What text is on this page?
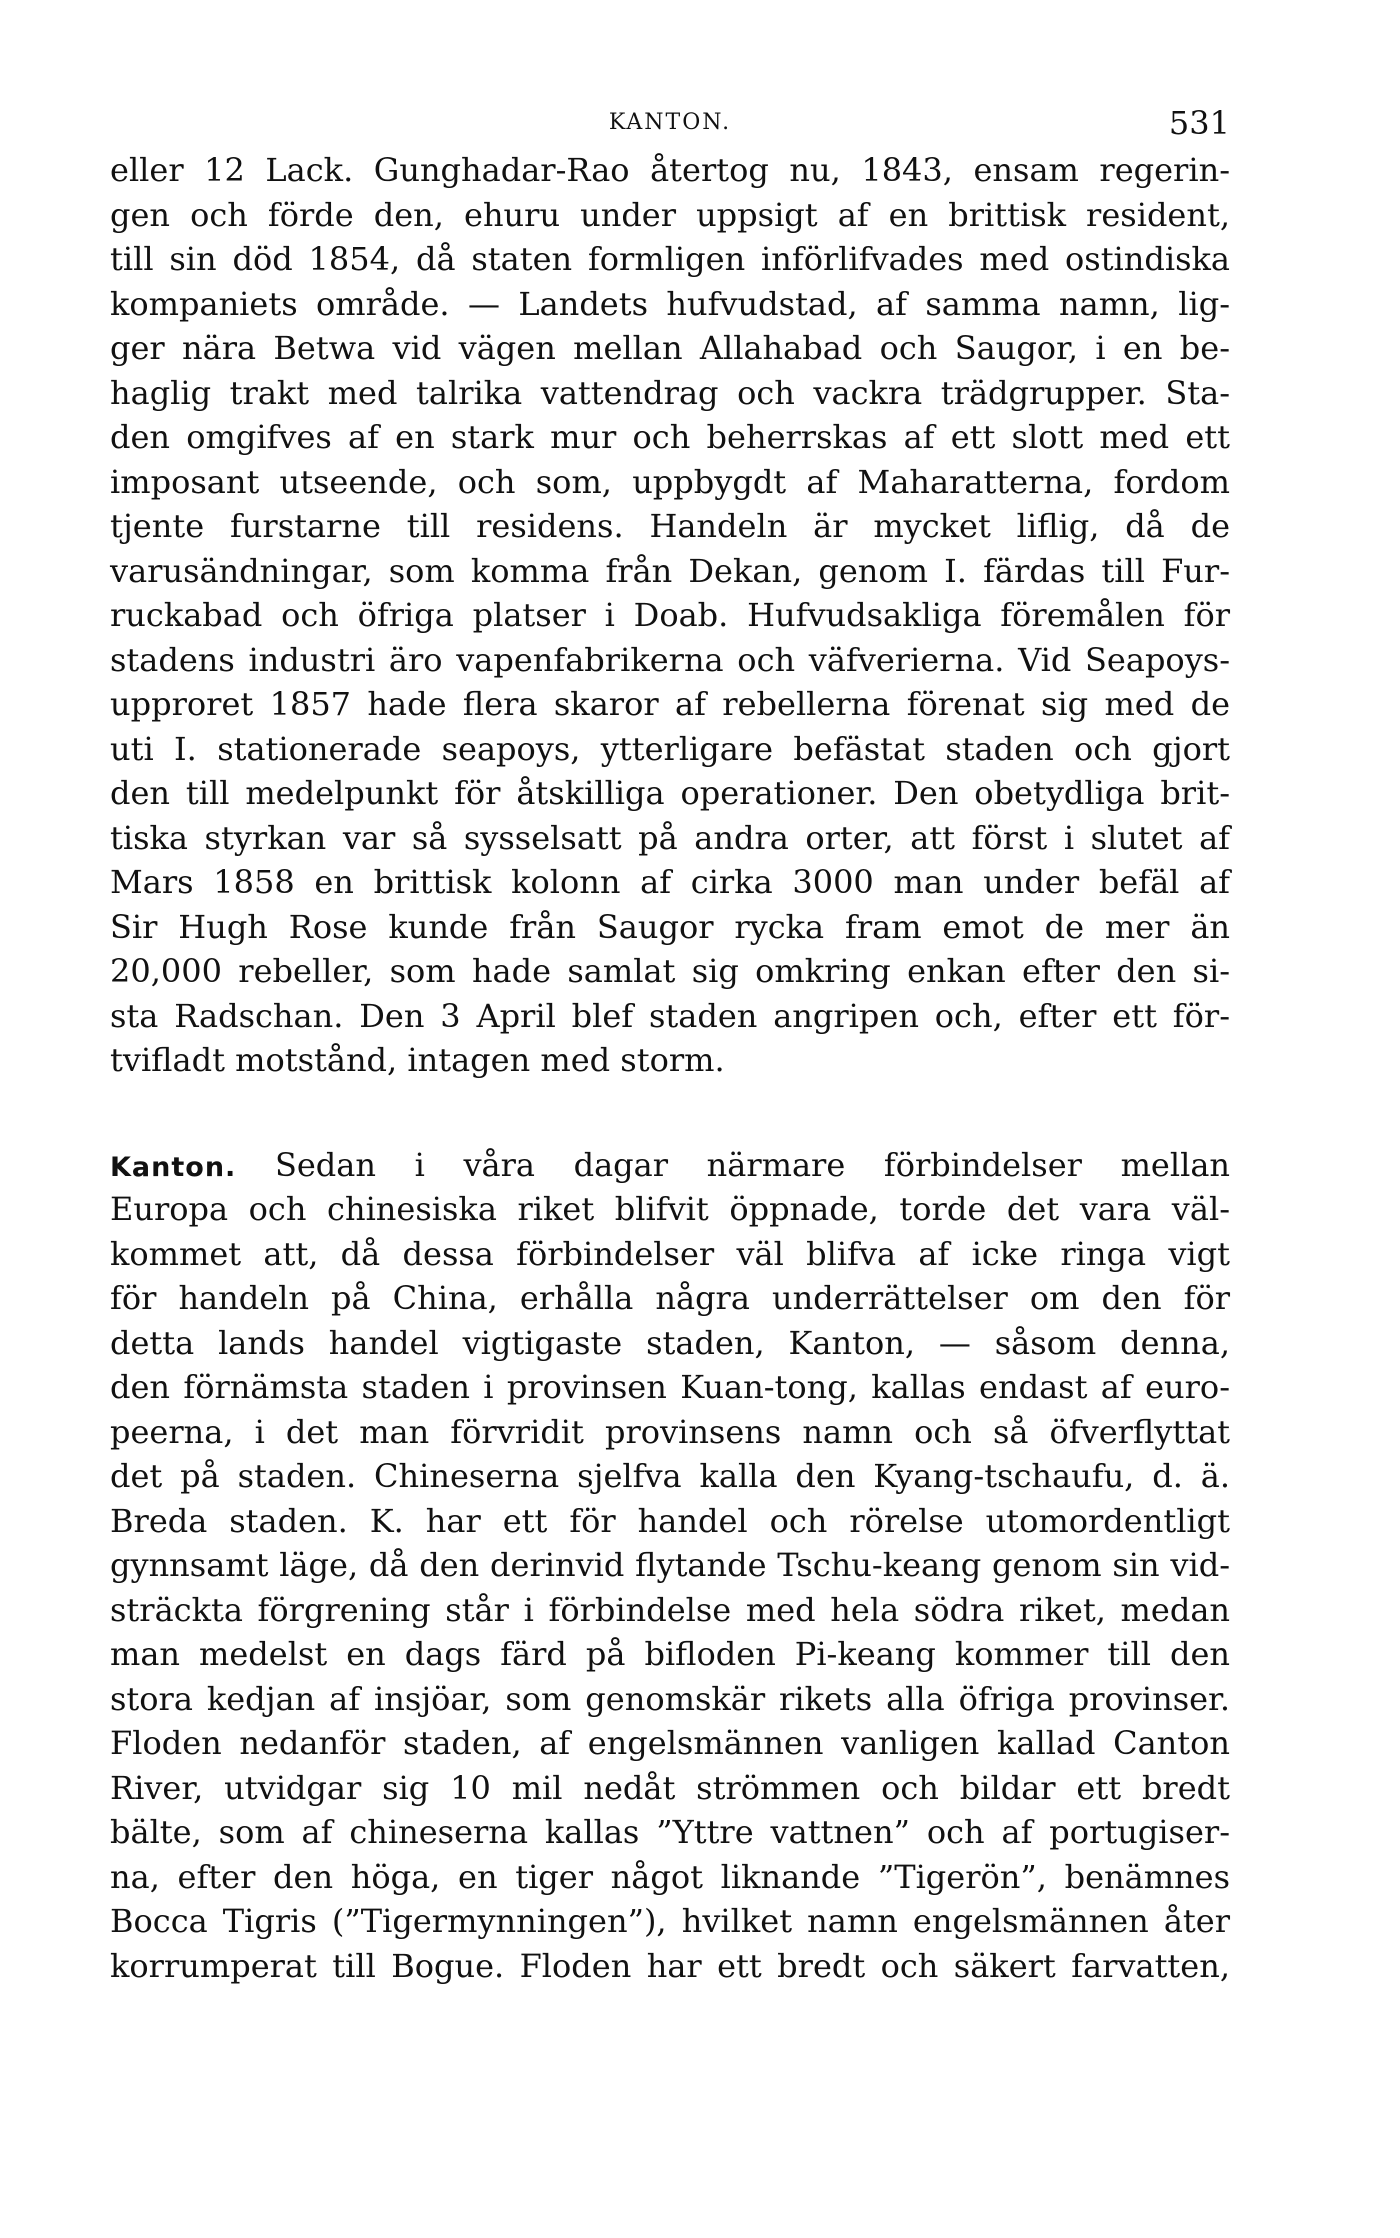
KANTON.	531
eller 12 Lack. Gunghadar-Rao återtog nu, 1843, ensam regerin-
gen och förde den, ehuru under uppsigt af en brittisk resident,
till sin död 1854, då staten formligen införlifvades med ostindiska
kompaniets område. — Landets hufvudstad, af samma namn, lig-
ger nära Betwa vid vägen mellan Allahabad och Saugor, i en be-
haglig trakt med talrika vattendrag och vackra trädgrupper. Sta-
den omgifves af en stark mur och beherrskas af ett slott med ett
imposant utseende, och som, uppbygdt af Maharatterna, fordom
tjente furstarne till residens. Handeln är mycket liflig, då de
varusändningar, som komma från Dekan, genom I. färdas till Fur-
ruckabad och öfriga platser i Doab. Hufvudsakliga föremålen för
stadens industri äro vapenfabrikerna och väfverierna. Vid Seapoys-
upproret 1857 hade flera skaror af rebellerna förenat sig med de
uti I. stationerade seapoys, ytterligare befästat staden och gjort
den till medelpunkt för åtskilliga operationer. Den obetydliga brit-
tiska styrkan var så sysselsatt på andra orter, att först i slutet af
Mars 1858 en brittisk kolonn af cirka 3000 man under befäl af
Sir Hugh Rose kunde från Saugor rycka fram emot de mer än
20,000 rebeller, som hade samlat sig omkring enkan efter den si-
sta Radschan. Den 3 April blef staden angripen och, efter ett för-
tvifladt motstånd, intagen med storm.
Kanton. Sedan i våra dagar närmare förbindelser mellan
Europa och chinesiska riket blifvit öppnade, torde det vara väl-
kommet att, då dessa förbindelser väl blifva af icke ringa vigt
för handeln på China, erhålla några underrättelser om den för
detta lands handel vigtigaste staden, Kanton, — såsom denna,
den förnämsta staden i provinsen Kuan-tong, kallas endast af euro-
peerna, i det man förvridit provinsens namn och så öfverflyttat
det på staden. Chineserna sjelfva kalla den Kyang-tschaufu, d. ä.
Breda staden. K. har ett för handel och rörelse utomordentligt
gynnsamt läge, då den derinvid flytande Tschu-keang genom sin vid-
sträckta förgrening står i förbindelse med hela södra riket, medan
man medelst en dags färd på bifloden Pi-keang kommer till den
stora kedjan af insjöar, som genomskär rikets alla öfriga provinser.
Floden nedanför staden, af engelsmännen vanligen kallad Canton
River, utvidgar sig 10 mil nedåt strömmen och bildar ett bredt
bälte, som af chineserna kallas ”Yttre vattnen” och af portugiser-
na, efter den höga, en tiger något liknande ”Tigerön”, benämnes
Bocca Tigris (”Tigermynningen”), hvilket namn engelsmännen åter
korrumperat till Bogue. Floden har ett bredt och säkert farvatten,
